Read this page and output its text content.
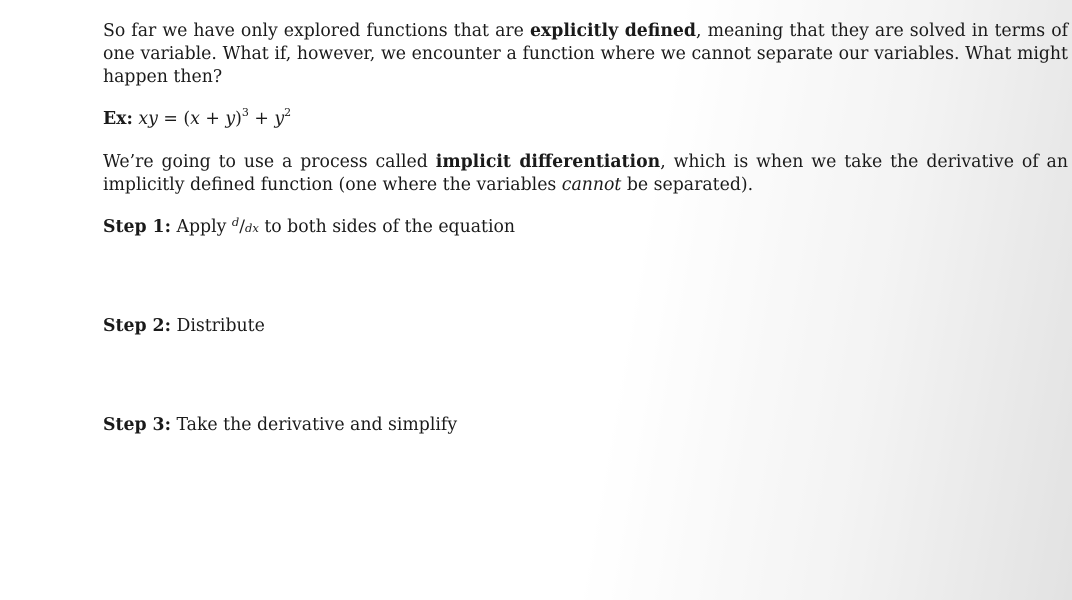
So far we have only explored functions that are explicitly defined, meaning that they are solved in terms of one variable. What if, however, we encounter a function where we cannot separate our variables. What might happen then?

Ex: xy = $(x + y)^3 + y^2$

We’re going to use a process called implicit differentiation, which is when we take the derivative of an implicitly defined function (one where the variables cannot be separated).

Step 1: Apply $^d$/dx to both sides of the equation

Step 2: Distribute

Step 3: Take the derivative and simplify
